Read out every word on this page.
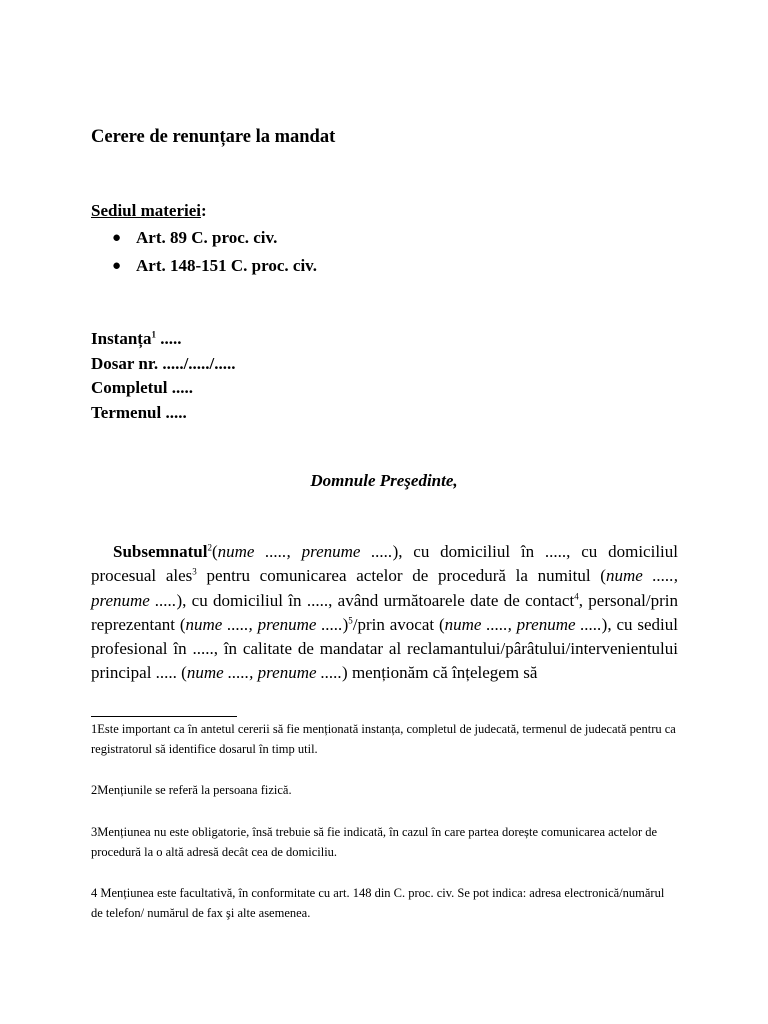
Cerere de renunțare la mandat
Sediul materiei:
● Art. 89 C. proc. civ.
● Art. 148-151 C. proc. civ.
Instanța$^1$ .....
Dosar nr. ...../...../.....
Completul .....
Termenul .....
Domnule Preşedinte,
Subsemnatul$^2$(nume ....., prenume .....), cu domiciliul în ....., cu domiciliul procesual ales$^3$ pentru comunicarea actelor de procedură la numitul (nume ....., prenume .....), cu domiciliul în ....., având următoarele date de contact$^4$, personal/prin reprezentant (nume ....., prenume .....)$^5$/prin avocat (nume ....., prenume .....), cu sediul profesional în ....., în calitate de mandatar al reclamantului/pârâtului/intervenientului principal ..... (nume ....., prenume .....) menționăm că înțelegem să
1Este important ca în antetul cererii să fie menționată instanța, completul de judecată, termenul de judecată pentru ca registratorul să identifice dosarul în timp util.
2Mențiunile se referă la persoana fizică.
3Mențiunea nu este obligatorie, însă trebuie să fie indicată, în cazul în care partea dorește comunicarea actelor de procedură la o altă adresă decât cea de domiciliu.
4 Mențiunea este facultativă, în conformitate cu art. 148 din C. proc. civ. Se pot indica: adresa electronică/numărul de telefon/ numărul de fax şi alte asemenea.
